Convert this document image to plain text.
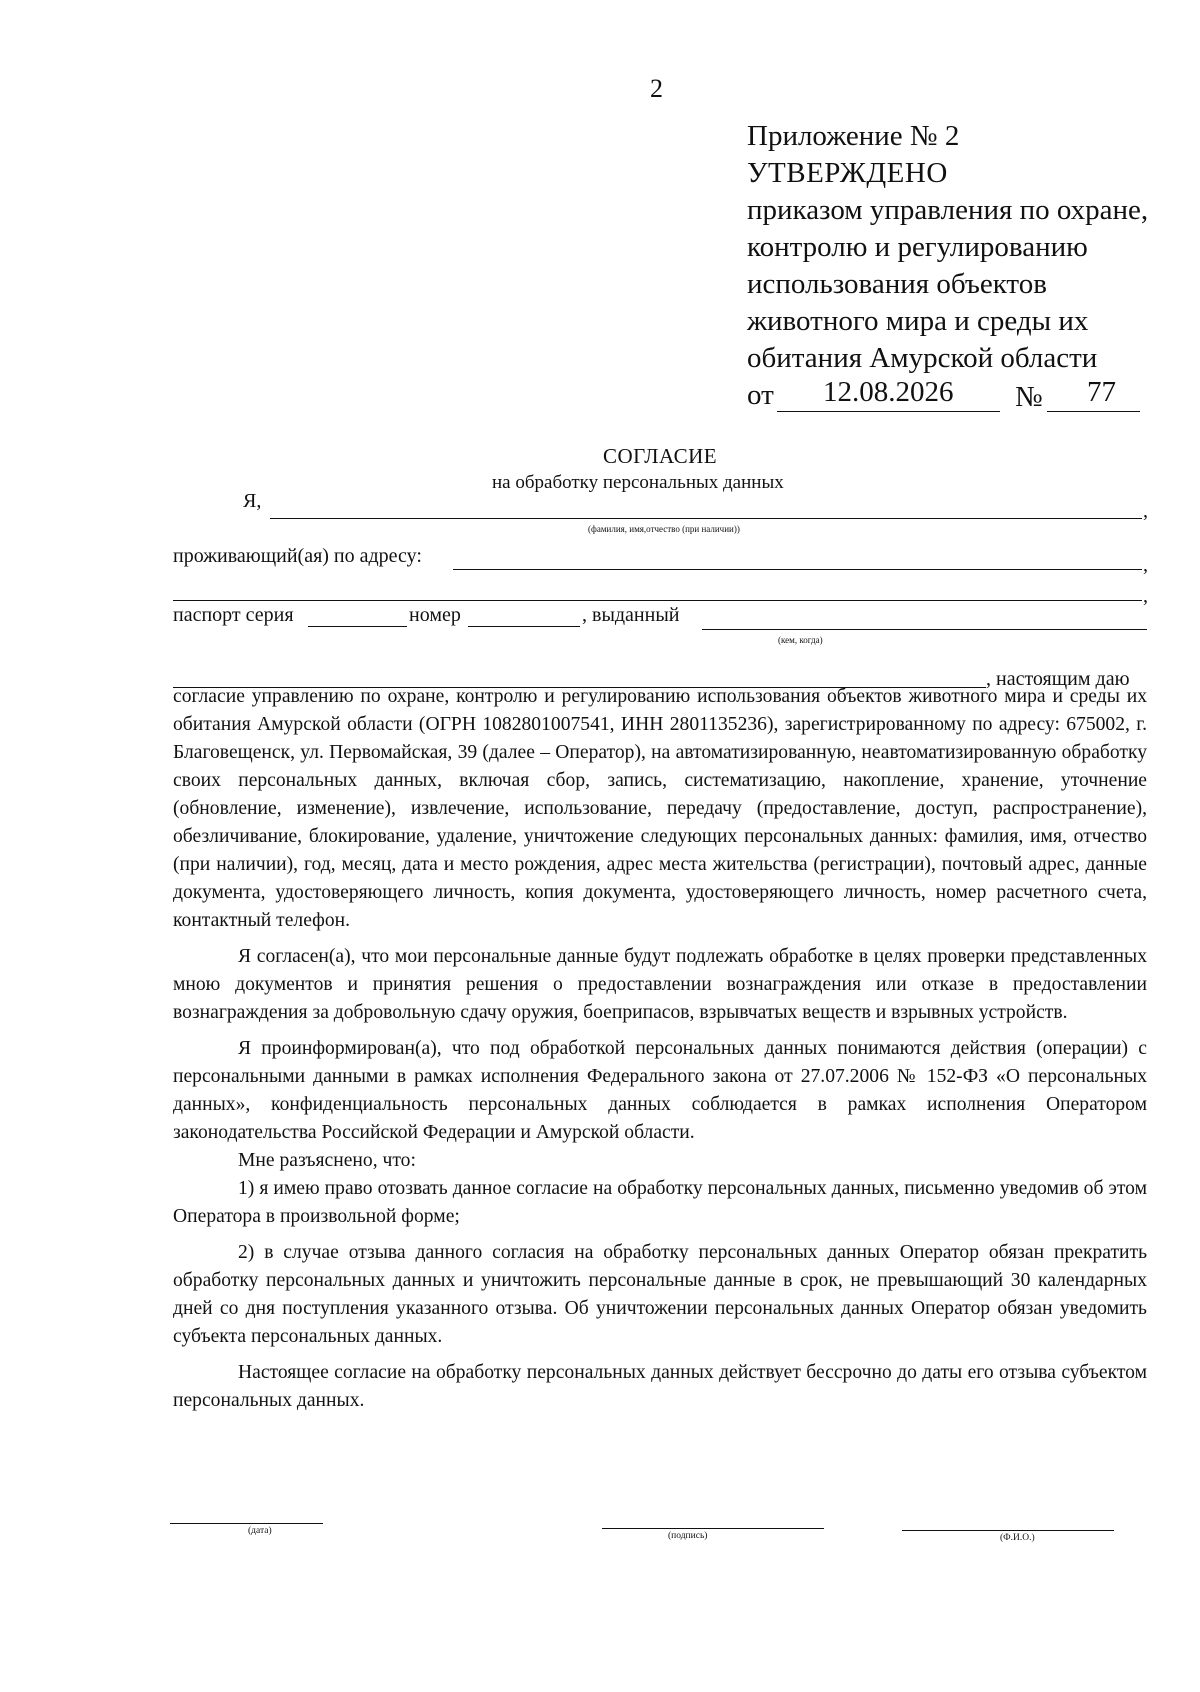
2
Приложение № 2
УТВЕРЖДЕНО
приказом управления по охране,
контролю и регулированию
использования объектов
животного мира и среды их
обитания Амурской области
от 12.08.2026 № 77
СОГЛАСИЕ
на обработку персональных данных
Я,	,
(фамилия, имя,отчество (при наличии))
проживающий(ая) по адресу:	,
,
паспорт серия	номер	, выданный
(кем, когда)
, настоящим даю

согласие управлению по охране, контролю и регулированию использования объектов животного мира и среды их обитания Амурской области (ОГРН 1082801007541, ИНН 2801135236), зарегистрированному по адресу: 675002, г. Благовещенск, ул. Первомайская, 39 (далее – Оператор), на автоматизированную, неавтоматизированную обработку своих персональных данных, включая сбор, запись, систематизацию, накопление, хранение, уточнение (обновление, изменение), извлечение, использование, передачу (предоставление, доступ, распространение), обезличивание, блокирование, удаление, уничтожение следующих персональных данных: фамилия, имя, отчество (при наличии), год, месяц, дата и место рождения, адрес места жительства (регистрации), почтовый адрес, данные документа, удостоверяющего личность, копия документа, удостоверяющего личность, номер расчетного счета, контактный телефон.

Я согласен(а), что мои персональные данные будут подлежать обработке в целях проверки представленных мною документов и принятия решения о предоставлении вознаграждения или отказе в предоставлении вознаграждения за добровольную сдачу оружия, боеприпасов, взрывчатых веществ и взрывных устройств.

Я проинформирован(а), что под обработкой персональных данных понимаются действия (операции) с персональными данными в рамках исполнения Федерального закона от 27.07.2006 № 152-ФЗ «О персональных данных», конфиденциальность персональных данных соблюдается в рамках исполнения Оператором законодательства Российской Федерации и Амурской области.

Мне разъяснено, что:

1) я имею право отозвать данное согласие на обработку персональных данных, письменно уведомив об этом Оператора в произвольной форме;

2) в случае отзыва данного согласия на обработку персональных данных Оператор обязан прекратить обработку персональных данных и уничтожить персональные данные в срок, не превышающий 30 календарных дней со дня поступления указанного отзыва. Об уничтожении персональных данных Оператор обязан уведомить субъекта персональных данных.

Настоящее согласие на обработку персональных данных действует бессрочно до даты его отзыва субъектом персональных данных.

(дата)	(подпись)	(Ф.И.О.)
